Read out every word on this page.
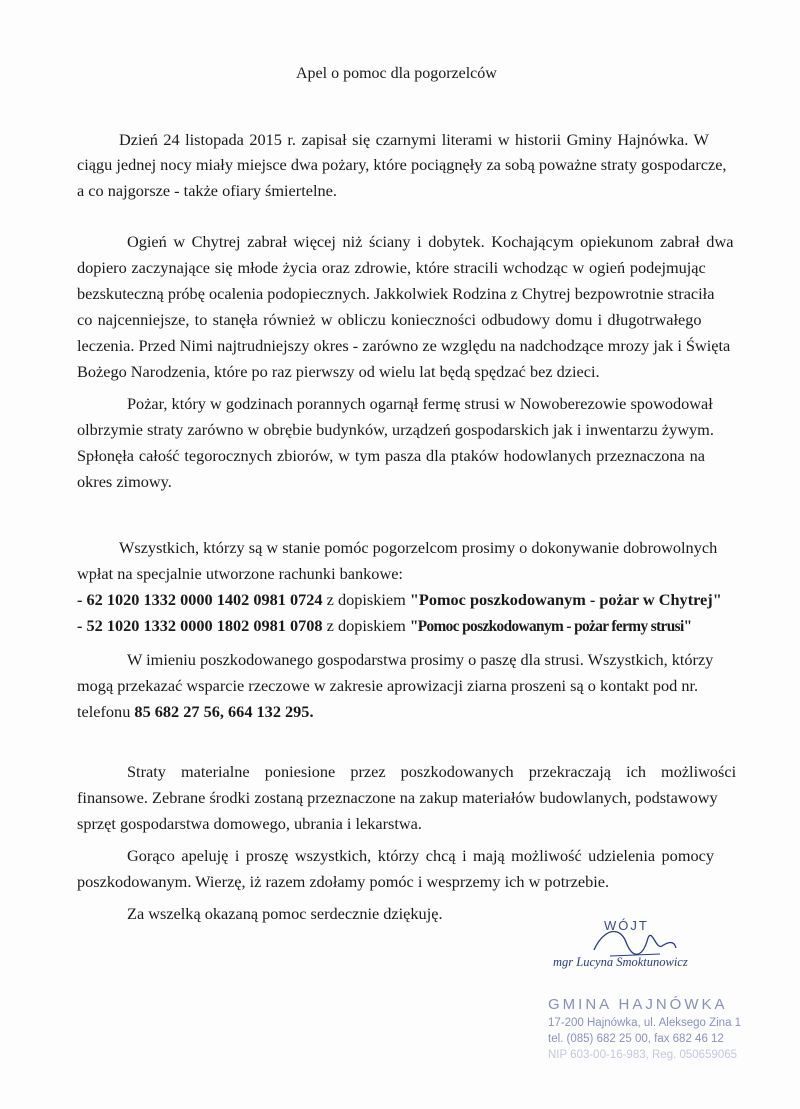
Apel o pomoc dla pogorzelców
Dzień 24 listopada 2015 r. zapisał się czarnymi literami w historii Gminy Hajnówka. W
ciągu jednej nocy miały miejsce dwa pożary, które pociągnęły za sobą poważne straty gospodarcze,
a co najgorsze - także ofiary śmiertelne.
Ogień w Chytrej zabrał więcej niż ściany i dobytek. Kochającym opiekunom zabrał dwa
dopiero zaczynające się młode życia oraz zdrowie, które stracili wchodząc w ogień podejmując
bezskuteczną próbę ocalenia podopiecznych. Jakkolwiek Rodzina z Chytrej bezpowrotnie straciła
co najcenniejsze, to stanęła również w obliczu konieczności odbudowy domu i długotrwałego
leczenia. Przed Nimi najtrudniejszy okres - zarówno ze względu na nadchodzące mrozy jak i Święta
Bożego Narodzenia, które po raz pierwszy od wielu lat będą spędzać bez dzieci.
Pożar, który w godzinach porannych ogarnął fermę strusi w Nowoberezowie spowodował
olbrzymie straty zarówno w obrębie budynków, urządzeń gospodarskich jak i inwentarzu żywym.
Spłonęła całość tegorocznych zbiorów, w tym pasza dla ptaków hodowlanych przeznaczona na
okres zimowy.
Wszystkich, którzy są w stanie pomóc pogorzelcom prosimy o dokonywanie dobrowolnych
wpłat na specjalnie utworzone rachunki bankowe:
- 62 1020 1332 0000 1402 0981 0724 z dopiskiem "Pomoc poszkodowanym - pożar w Chytrej"
- 52 1020 1332 0000 1802 0981 0708 z dopiskiem "Pomoc poszkodowanym - pożar fermy strusi"
W imieniu poszkodowanego gospodarstwa prosimy o paszę dla strusi. Wszystkich, którzy
mogą przekazać wsparcie rzeczowe w zakresie aprowizacji ziarna proszeni są o kontakt pod nr.
telefonu 85 682 27 56, 664 132 295.
Straty materialne poniesione przez poszkodowanych przekraczają ich możliwości
finansowe. Zebrane środki zostaną przeznaczone na zakup materiałów budowlanych, podstawowy
sprzęt gospodarstwa domowego, ubrania i lekarstwa.
Gorąco apeluję i proszę wszystkich, którzy chcą i mają możliwość udzielenia pomocy
poszkodowanym. Wierzę, iż razem zdołamy pomóc i wesprzemy ich w potrzebie.
Za wszelką okazaną pomoc serdecznie dziękuję.
WÓJT
mgr Lucyna Smoktunowicz
GMINA HAJNÓWKA
17-200 Hajnówka, ul. Aleksego Zina 1
tel. (085) 682 25 00, fax 682 46 12
NIP 603-00-16-983, Reg. 050659065
